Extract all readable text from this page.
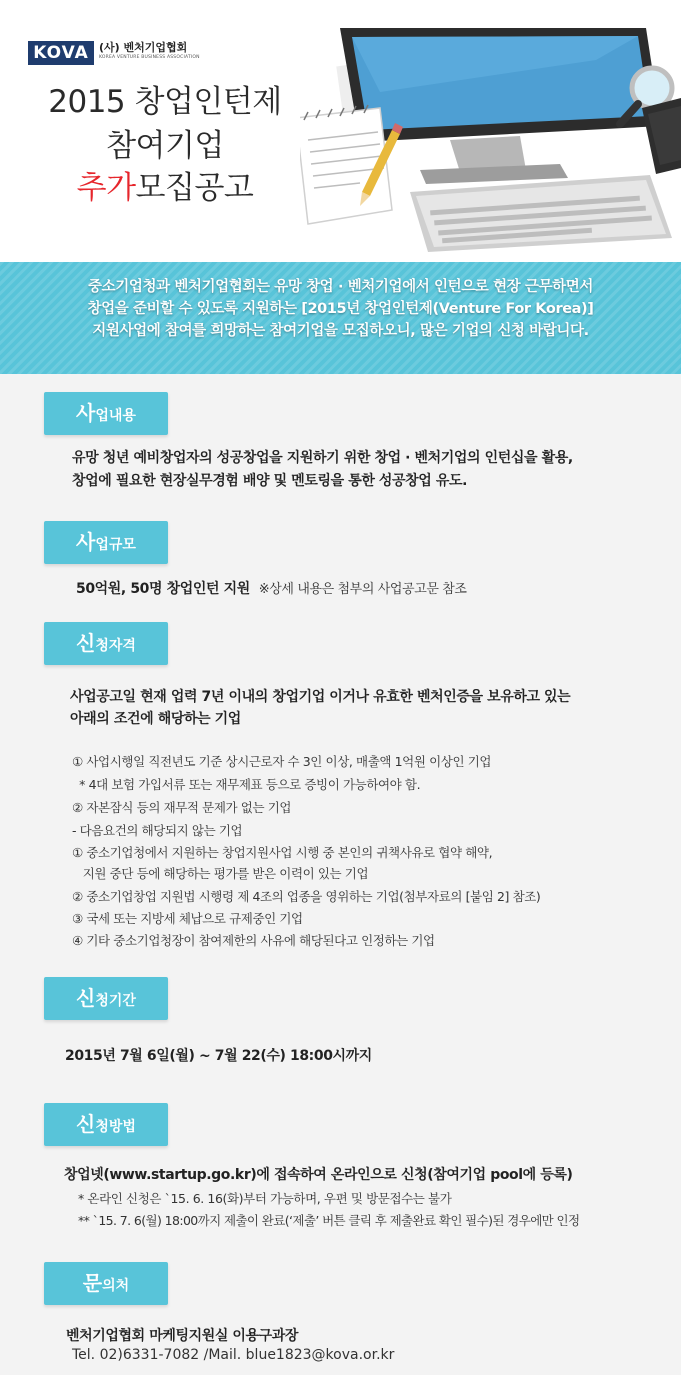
KOVA (사) 벤처기업협회
KOREA VENTURE BUSINESS ASSOCIATION
2015 창업인턴제
참여기업
추가모집공고

중소기업청과 벤처기업협회는 유망 창업 · 벤처기업에서 인턴으로 현장 근무하면서

창업을 준비할 수 있도록 지원하는 [2015년 창업인턴제(Venture For Korea)]

지원사업에 참여를 희망하는 참여기업을 모집하오니, 많은 기업의 신청 바랍니다.

사업내용
유망 청년 예비창업자의 성공창업을 지원하기 위한 창업 · 벤처기업의 인턴십을 활용,
창업에 필요한 현장실무경험 배양 및 멘토링을 통한 성공창업 유도.
사업규모
50억원, 50명 창업인턴 지원 ※상세 내용은 첨부의 사업공고문 참조
신청자격
사업공고일 현재 업력 7년 이내의 창업기업 이거나 유효한 벤처인증을 보유하고 있는
아래의 조건에 해당하는 기업
① 사업시행일 직전년도 기준 상시근로자 수 3인 이상, 매출액 1억원 이상인 기업
* 4대 보험 가입서류 또는 재무제표 등으로 증빙이 가능하여야 함.
② 자본잠식 등의 재무적 문제가 없는 기업
- 다음요건의 해당되지 않는 기업
① 중소기업청에서 지원하는 창업지원사업 시행 중 본인의 귀책사유로 협약 해약,
지원 중단 등에 해당하는 평가를 받은 이력이 있는 기업
② 중소기업창업 지원법 시행령 제 4조의 업종을 영위하는 기업(첨부자료의 [붙임 2] 참조)
③ 국세 또는 지방세 체납으로 규제중인 기업
④ 기타 중소기업청장이 참여제한의 사유에 해당된다고 인정하는 기업
신청기간
2015년 7월 6일(월) ~ 7월 22(수) 18:00시까지
신청방법
창업넷(www.startup.go.kr)에 접속하여 온라인으로 신청(참여기업 pool에 등록)
* 온라인 신청은 `15. 6. 16(화)부터 가능하며, 우편 및 방문접수는 불가
** `15. 7. 6(월) 18:00까지 제출이 완료(‘제출’ 버튼 클릭 후 제출완료 확인 필수)된 경우에만 인정
문의처
벤처기업협회 마케팅지원실 이용구과장
Tel. 02)6331-7082 /Mail. blue1823@kova.or.kr
